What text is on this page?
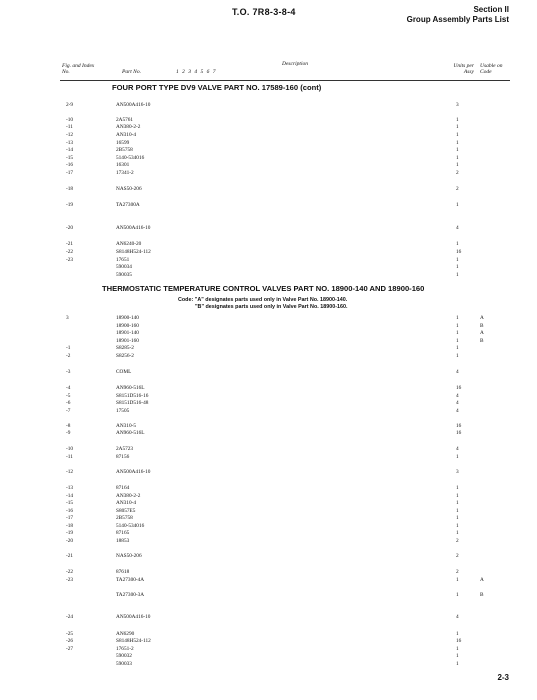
T.O. 7R8-3-8-4	Section II
Group Assembly Parts List
Fig. and Index No.	Part No.	1 2 3 4 5 6 7
Description	Units per Assy
Usable on Code
FOUR PORT TYPE DV9 VALVE PART NO. 17589-160 (cont)
2-9	AN500A416-10	3
-10	2A5761	1
-11	AN380-2-2	1
-12	AN310-4	1
-13	16599	1
-14	2B5758	1
-15	5140-534016	1
-16	16301	1
-17	17341-2	2
-18	NAS50-206	2
-19	TA27300A	1
-20	AN500A416-10	4
-21	AN6240-20	1
-22	S8148H524-112	16
-23	17651	1
590034	1
590035	1
THERMOSTATIC TEMPERATURE CONTROL VALVES PART NO. 18900-140 AND 18900-160
Code: "A" designates parts used only in Valve Part No. 18900-140.
"B" designates parts used only in Valve Part No. 18900-160.
3	18900-140	1	A
18900-160	1	B
18901-140	1	A
18901-160	1	B
-1	S8285-2	1
-2	S8256-2	1
-3	COML	4
-4	AN960-516L	16
-5	S8151D516-16	4
-6	S8151D516-48	4
-7	17505	4
-8	AN310-5	16
-9	AN960-516L	16
-10	2A5723	4
-11	87156	1
-12	AN500A416-10	3
-13	87164	1
-14	AN380-2-2	1
-15	AN310-4	1
-16	S8057E5	1
-17	2B5758	1
-18	5140-534016	1
-19	87165	1
-20	18853	2
-21	NAS50-206	2
-22	87618	2
-23	TA27300-4A	1	A
TA27300-3A	1	B
-24	AN500A416-10	4
-25	AN6290	1
-26	S8148H524-112	16
-27	17651-2	1
590032	1
590033	1
2-3
